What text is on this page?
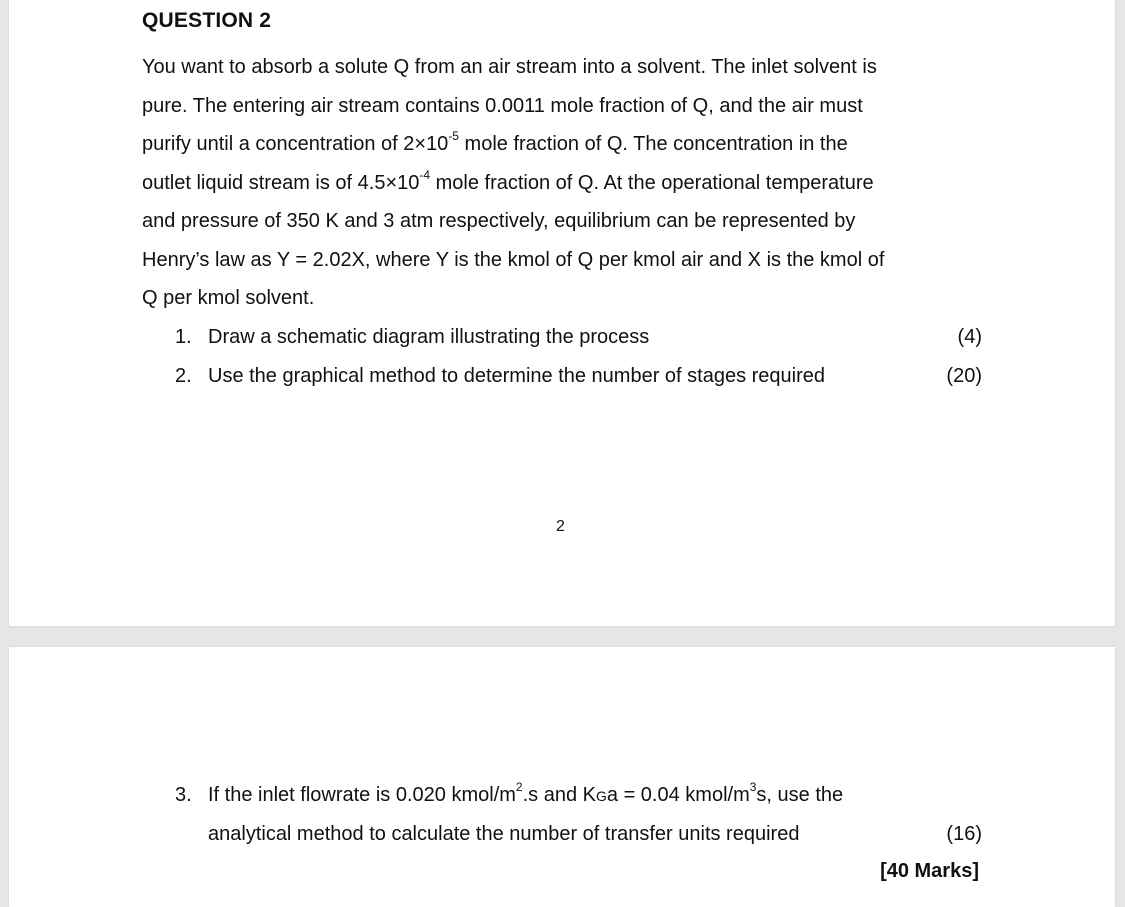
QUESTION 2
You want to absorb a solute Q from an air stream into a solvent. The inlet solvent is
pure. The entering air stream contains 0.0011 mole fraction of Q, and the air must
purify until a concentration of $2\times 10^{-5}$ mole fraction of Q. The concentration in the
outlet liquid stream is of $4.5\times 10^{-4}$ mole fraction of Q. At the operational temperature
and pressure of 350 K and 3 atm respectively, equilibrium can be represented by
Henry’s law as Y = 2.02X, where Y is the kmol of Q per kmol air and X is the kmol of
Q per kmol solvent.
1. Draw a schematic diagram illustrating the process	(4)
2. Use the graphical method to determine the number of stages required	(20)
2
3. If the inlet flowrate is 0.020 kmol/$m^2.s$ and KGa = 0.04 kmol/$m^3s$, use the
analytical method to calculate the number of transfer units required	(16)
[40 Marks]
